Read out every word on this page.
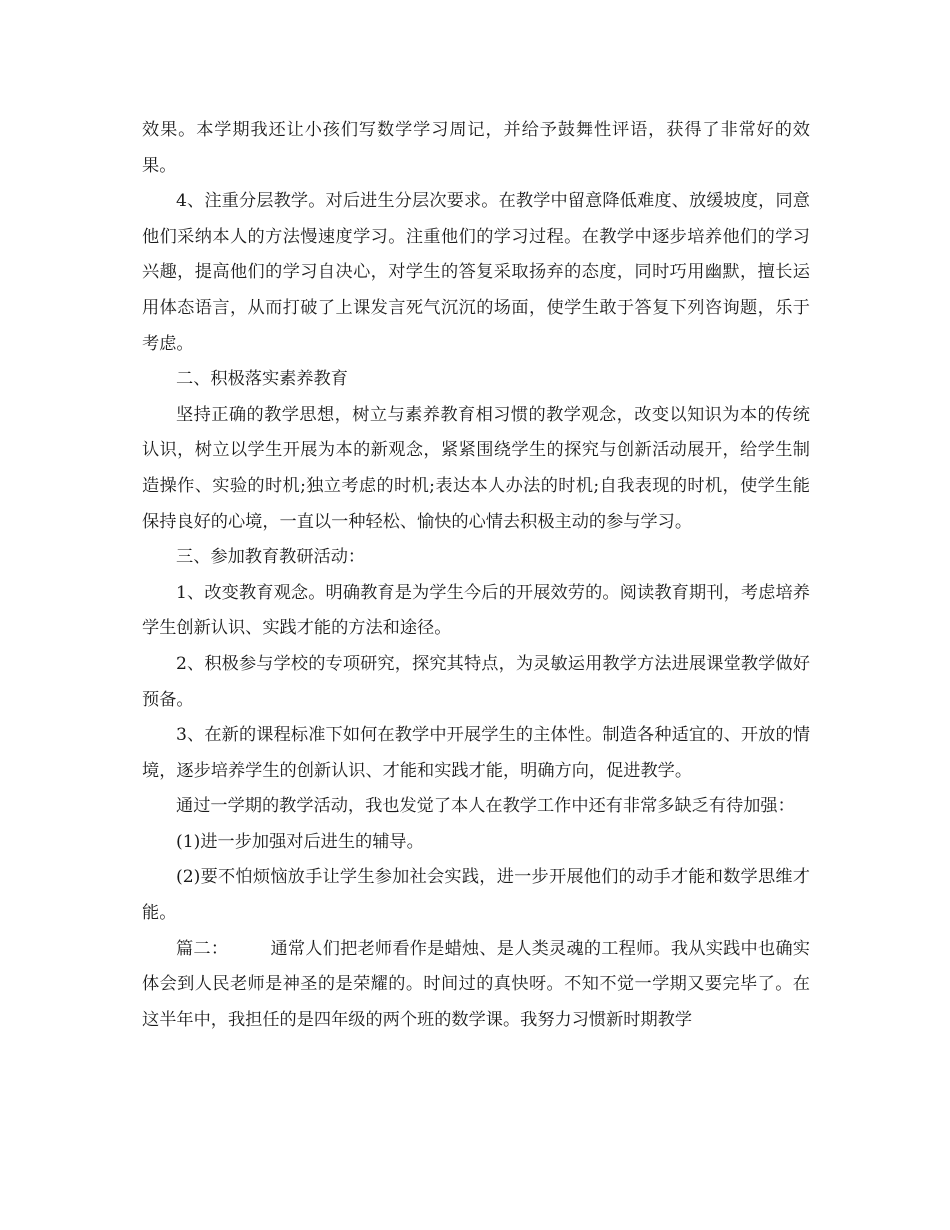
效果。本学期我还让小孩们写数学学习周记，并给予鼓舞性评语，获得了非常好的效果。

4、注重分层教学。对后进生分层次要求。在教学中留意降低难度、放缓坡度，同意他们采纳本人的方法慢速度学习。注重他们的学习过程。在教学中逐步培养他们的学习兴趣，提高他们的学习自决心，对学生的答复采取扬弃的态度，同时巧用幽默，擅长运用体态语言，从而打破了上课发言死气沉沉的场面，使学生敢于答复下列咨询题，乐于考虑。

二、积极落实素养教育

坚持正确的教学思想，树立与素养教育相习惯的教学观念，改变以知识为本的传统认识，树立以学生开展为本的新观念，紧紧围绕学生的探究与创新活动展开，给学生制造操作、实验的时机;独立考虑的时机;表达本人办法的时机;自我表现的时机，使学生能保持良好的心境，一直以一种轻松、愉快的心情去积极主动的参与学习。

三、参加教育教研活动：

1、改变教育观念。明确教育是为学生今后的开展效劳的。阅读教育期刊，考虑培养学生创新认识、实践才能的方法和途径。

2、积极参与学校的专项研究，探究其特点，为灵敏运用教学方法进展课堂教学做好预备。

3、在新的课程标准下如何在教学中开展学生的主体性。制造各种适宜的、开放的情境，逐步培养学生的创新认识、才能和实践才能，明确方向，促进教学。

通过一学期的教学活动，我也发觉了本人在教学工作中还有非常多缺乏有待加强：

(1)进一步加强对后进生的辅导。

(2)要不怕烦恼放手让学生参加社会实践，进一步开展他们的动手才能和数学思维才能。

篇二： 通常人们把老师看作是蜡烛、是人类灵魂的工程师。我从实践中也确实体会到人民老师是神圣的是荣耀的。时间过的真快呀。不知不觉一学期又要完毕了。在这半年中，我担任的是四年级的两个班的数学课。我努力习惯新时期教学
